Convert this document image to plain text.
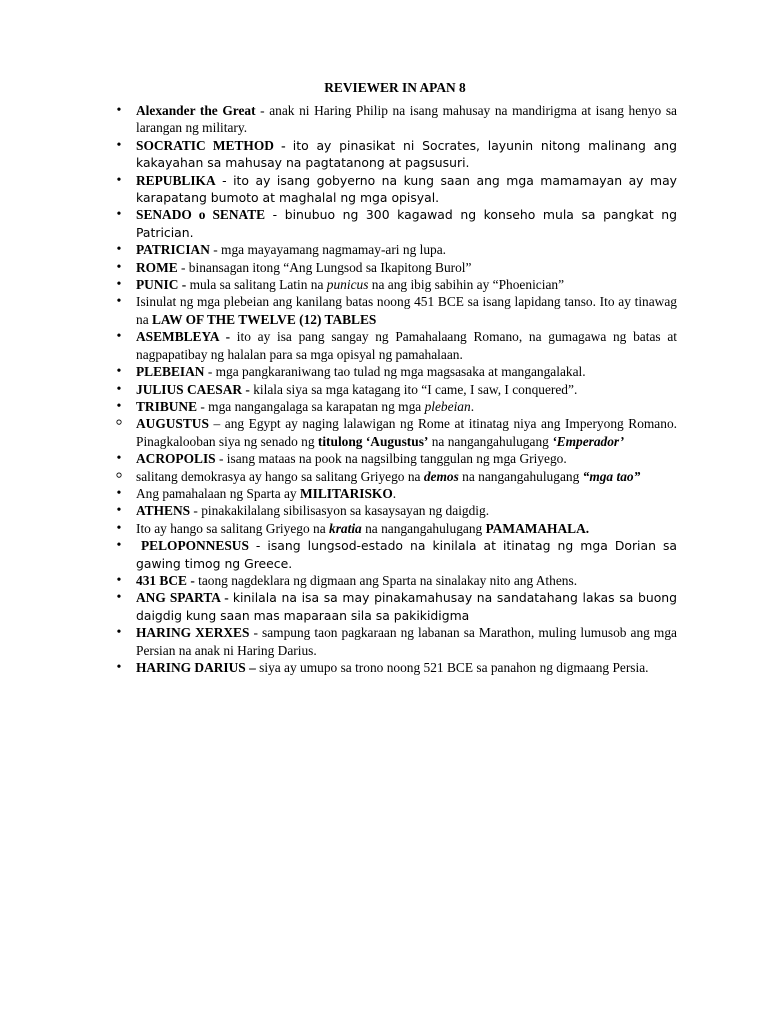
REVIEWER IN APAN 8
• Alexander the Great - anak ni Haring Philip na isang mahusay na mandirigma at isang henyo sa larangan ng military.
• SOCRATIC METHOD - ito ay pinasikat ni Socrates, layunin nitong malinang ang kakayahan sa mahusay na pagtatanong at pagsusuri.
• REPUBLIKA - ito ay isang gobyerno na kung saan ang mga mamamayan ay may karapatang bumoto at maghalal ng mga opisyal.
• SENADO o SENATE - binubuo ng 300 kagawad ng konseho mula sa pangkat ng Patrician.
• PATRICIAN - mga mayayamang nagmamay-ari ng lupa.
• ROME - binansagan itong “Ang Lungsod sa Ikapitong Burol”
• PUNIC - mula sa salitang Latin na punicus na ang ibig sabihin ay “Phoenician”
• Isinulat ng mga plebeian ang kanilang batas noong 451 BCE sa isang lapidang tanso. Ito ay tinawag na LAW OF THE TWELVE (12) TABLES
• ASEMBLEYA - ito ay isa pang sangay ng Pamahalaang Romano, na gumagawa ng batas at nagpapatibay ng halalan para sa mga opisyal ng pamahalaan.
• PLEBEIAN - mga pangkaraniwang tao tulad ng mga magsasaka at mangangalakal.
• JULIUS CAESAR - kilala siya sa mga katagang ito “I came, I saw, I conquered”.
• TRIBUNE - mga nangangalaga sa karapatan ng mga plebeian.
⸰ AUGUSTUS – ang Egypt ay naging lalawigan ng Rome at itinatag niya ang Imperyong Romano. Pinagkalooban siya ng senado ng titulong ‘Augustus’ na nangangahulugang ‘Emperador’
• ACROPOLIS - isang mataas na pook na nagsilbing tanggulan ng mga Griyego.
⸰ salitang demokrasya ay hango sa salitang Griyego na demos na nangangahulugang “mga tao”
• Ang pamahalaan ng Sparta ay MILITARISKO.
• ATHENS - pinakakilalang sibilisasyon sa kasaysayan ng daigdig.
• Ito ay hango sa salitang Griyego na kratia na nangangahulugang PAMAMAHALA.
• PELOPONNESUS - isang lungsod-estado na kinilala at itinatag ng mga Dorian sa gawing timog ng Greece.
• 431 BCE - taong nagdeklara ng digmaan ang Sparta na sinalakay nito ang Athens.
• ANG SPARTA - kinilala na isa sa may pinakamahusay na sandatahang lakas sa buong daigdig kung saan mas maparaan sila sa pakikidigma
• HARING XERXES - sampung taon pagkaraan ng labanan sa Marathon, muling lumusob ang mga Persian na anak ni Haring Darius.
• HARING DARIUS – siya ay umupo sa trono noong 521 BCE sa panahon ng digmaang Persia.
